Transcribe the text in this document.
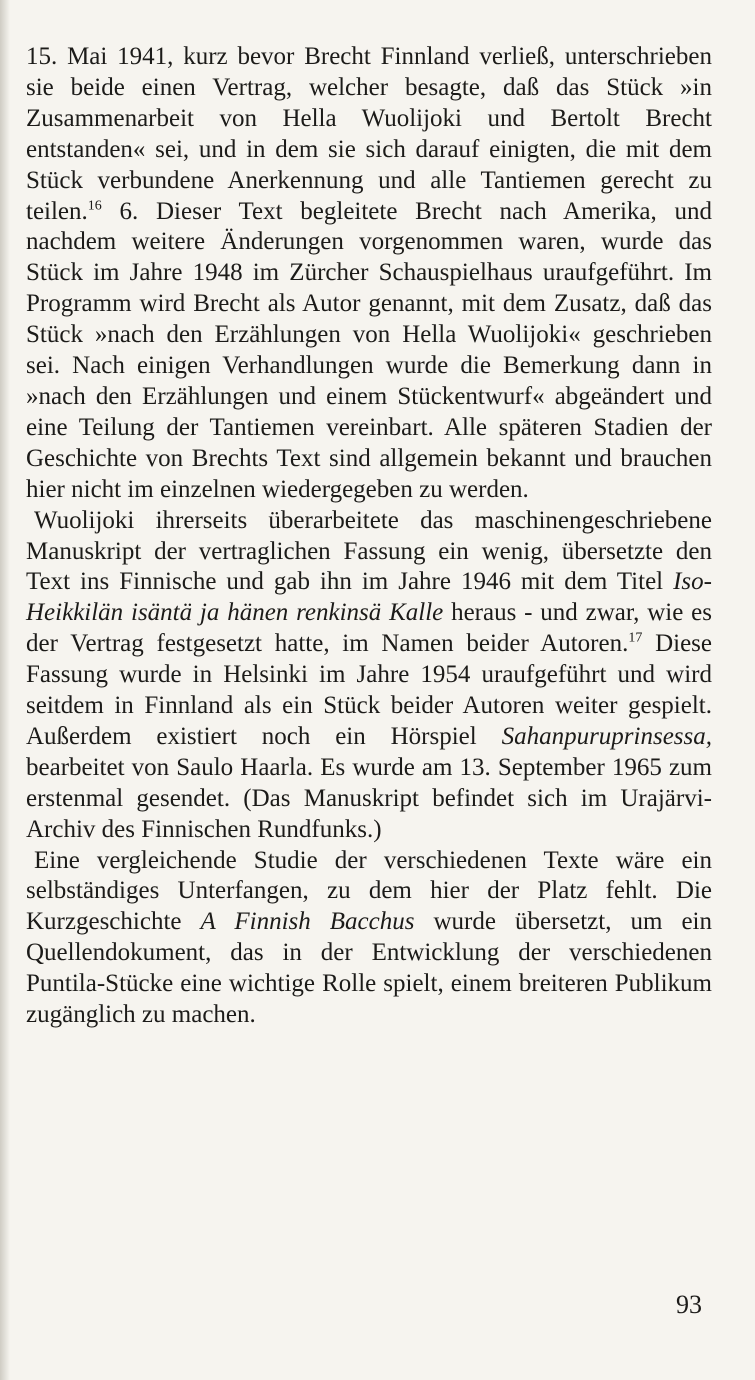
15. Mai 1941, kurz bevor Brecht Finnland verließ, unterschrieben sie beide einen Vertrag, welcher besagte, daß das Stück »in Zusammenarbeit von Hella Wuolijoki und Bertolt Brecht entstanden« sei, und in dem sie sich darauf einigten, die mit dem Stück verbundene Anerkennung und alle Tantiemen gerecht zu teilen.$^{16}$ 6. Dieser Text begleitete Brecht nach Amerika, und nachdem weitere Änderungen vorgenommen waren, wurde das Stück im Jahre 1948 im Zürcher Schauspielhaus uraufgeführt. Im Programm wird Brecht als Autor genannt, mit dem Zusatz, daß das Stück »nach den Erzählungen von Hella Wuolijoki« geschrieben sei. Nach einigen Verhandlungen wurde die Bemerkung dann in »nach den Erzählungen und einem Stückentwurf« abgeändert und eine Teilung der Tantiemen vereinbart. Alle späteren Stadien der Geschichte von Brechts Text sind allgemein bekannt und brauchen hier nicht im einzelnen wiedergegeben zu werden.

Wuolijoki ihrerseits überarbeitete das maschinengeschriebene Manuskript der vertraglichen Fassung ein wenig, übersetzte den Text ins Finnische und gab ihn im Jahre 1946 mit dem Titel Iso-Heikkilän isäntä ja hänen renkinsä Kalle heraus - und zwar, wie es der Vertrag festgesetzt hatte, im Namen beider Autoren.$^{17}$ Diese Fassung wurde in Helsinki im Jahre 1954 uraufgeführt und wird seitdem in Finnland als ein Stück beider Autoren weiter gespielt. Außerdem existiert noch ein Hörspiel Sahanpuruprinsessa, bearbeitet von Saulo Haarla. Es wurde am 13. September 1965 zum erstenmal gesendet. (Das Manuskript befindet sich im Urajärvi-Archiv des Finnischen Rundfunks.)

Eine vergleichende Studie der verschiedenen Texte wäre ein selbständiges Unterfangen, zu dem hier der Platz fehlt. Die Kurzgeschichte A Finnish Bacchus wurde übersetzt, um ein Quellendokument, das in der Entwicklung der verschiedenen Puntila-Stücke eine wichtige Rolle spielt, einem breiteren Publikum zugänglich zu machen.

93
